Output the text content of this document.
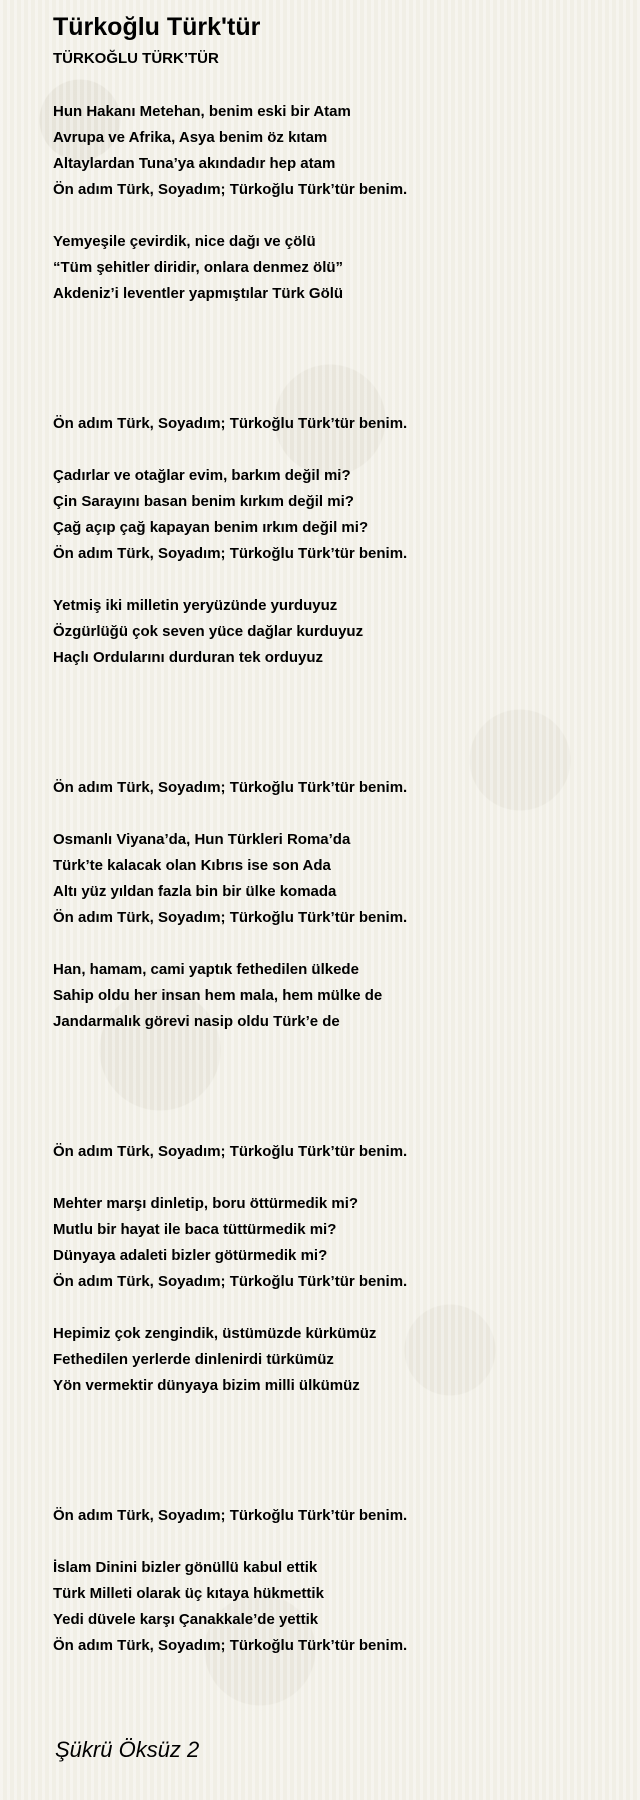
Türkoğlu Türk'tür
TÜRKOĞLU TÜRK’TÜR
Hun Hakanı Metehan, benim eski bir Atam
Avrupa ve Afrika, Asya benim öz kıtam
Altaylardan Tuna’ya akındadır hep atam
Ön adım Türk, Soyadım; Türkoğlu Türk’tür benim.
Yemyeşile çevirdik, nice dağı ve çölü
“Tüm şehitler diridir, onlara denmez ölü”
Akdeniz’i leventler yapmıştılar Türk Gölü
Ön adım Türk, Soyadım; Türkoğlu Türk’tür benim.
Çadırlar ve otağlar evim, barkım değil mi?
Çin Sarayını basan benim kırkım değil mi?
Çağ açıp çağ kapayan benim ırkım değil mi?
Ön adım Türk, Soyadım; Türkoğlu Türk’tür benim.
Yetmiş iki milletin yeryüzünde yurduyuz
Özgürlüğü çok seven yüce dağlar kurduyuz
Haçlı Ordularını durduran tek orduyuz
Ön adım Türk, Soyadım; Türkoğlu Türk’tür benim.
Osmanlı Viyana’da, Hun Türkleri Roma’da
Türk’te kalacak olan Kıbrıs ise son Ada
Altı yüz yıldan fazla bin bir ülke komada
Ön adım Türk, Soyadım; Türkoğlu Türk’tür benim.
Han, hamam, cami yaptık fethedilen ülkede
Sahip oldu her insan hem mala, hem mülke de
Jandarmalık görevi nasip oldu Türk’e de
Ön adım Türk, Soyadım; Türkoğlu Türk’tür benim.
Mehter marşı dinletip, boru öttürmedik mi?
Mutlu bir hayat ile baca tüttürmedik mi?
Dünyaya adaleti bizler götürmedik mi?
Ön adım Türk, Soyadım; Türkoğlu Türk’tür benim.
Hepimiz çok zengindik, üstümüzde kürkümüz
Fethedilen yerlerde dinlenirdi türkümüz
Yön vermektir dünyaya bizim milli ülkümüz
Ön adım Türk, Soyadım; Türkoğlu Türk’tür benim.
İslam Dinini bizler gönüllü kabul ettik
Türk Milleti olarak üç kıtaya hükmettik
Yedi düvele karşı Çanakkale’de yettik
Ön adım Türk, Soyadım; Türkoğlu Türk’tür benim.
Şükrü Öksüz 2
